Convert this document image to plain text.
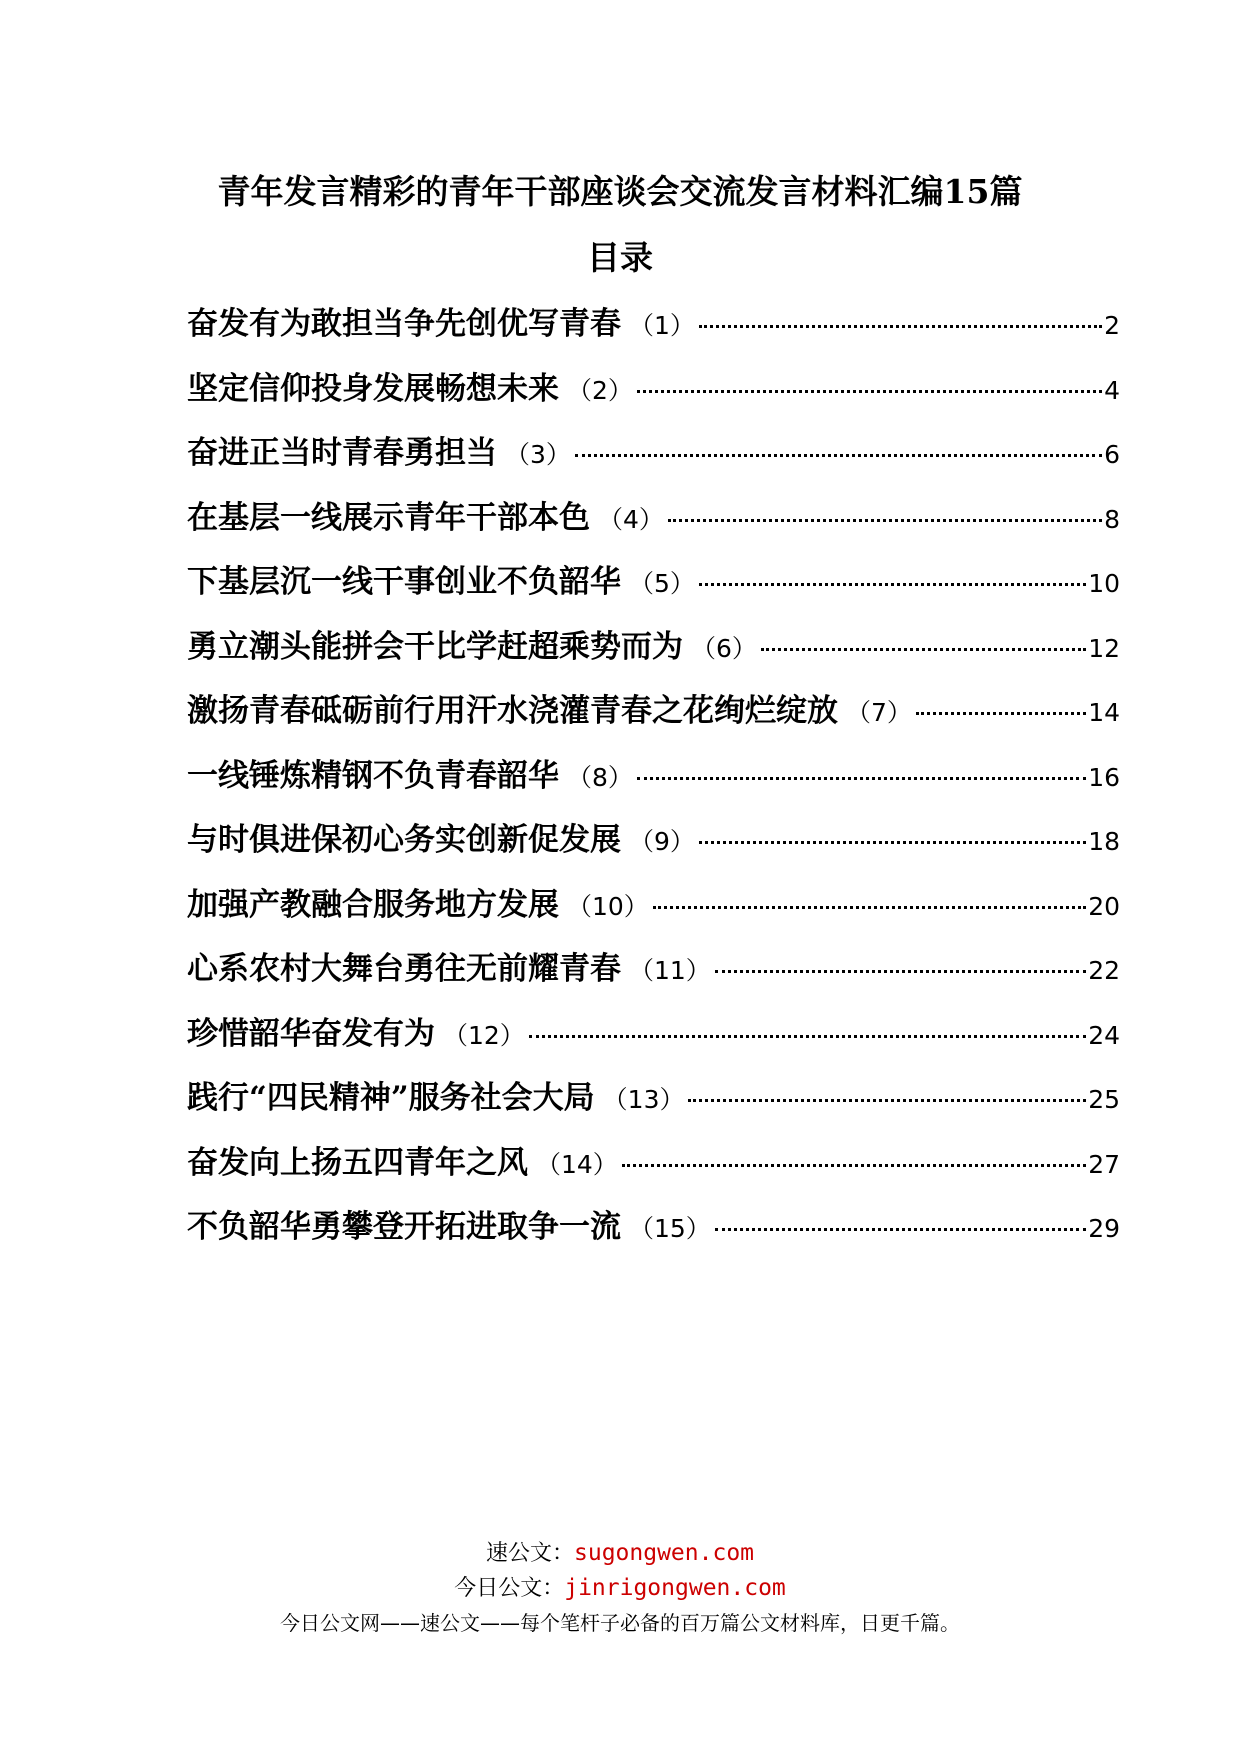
青年发言精彩的青年干部座谈会交流发言材料汇编15篇
目录
奋发有为敢担当争先创优写青春 （1）	2
坚定信仰投身发展畅想未来 （2）	4
奋进正当时青春勇担当 （3）	6
在基层一线展示青年干部本色 （4）	8
下基层沉一线干事创业不负韶华 （5）	10
勇立潮头能拼会干比学赶超乘势而为 （6）	12
激扬青春砥砺前行用汗水浇灌青春之花绚烂绽放 （7）	14
一线锤炼精钢不负青春韶华 （8）	16
与时俱进保初心务实创新促发展 （9）	18
加强产教融合服务地方发展 （10）	20
心系农村大舞台勇往无前耀青春 （11）	22
珍惜韶华奋发有为 （12）	24
践行“四民精神”服务社会大局 （13）	25
奋发向上扬五四青年之风 （14）	27
不负韶华勇攀登开拓进取争一流 （15）	29
速公文：sugongwen.com
今日公文：jinrigongwen.com
今日公文网——速公文——每个笔杆子必备的百万篇公文材料库，日更千篇。
